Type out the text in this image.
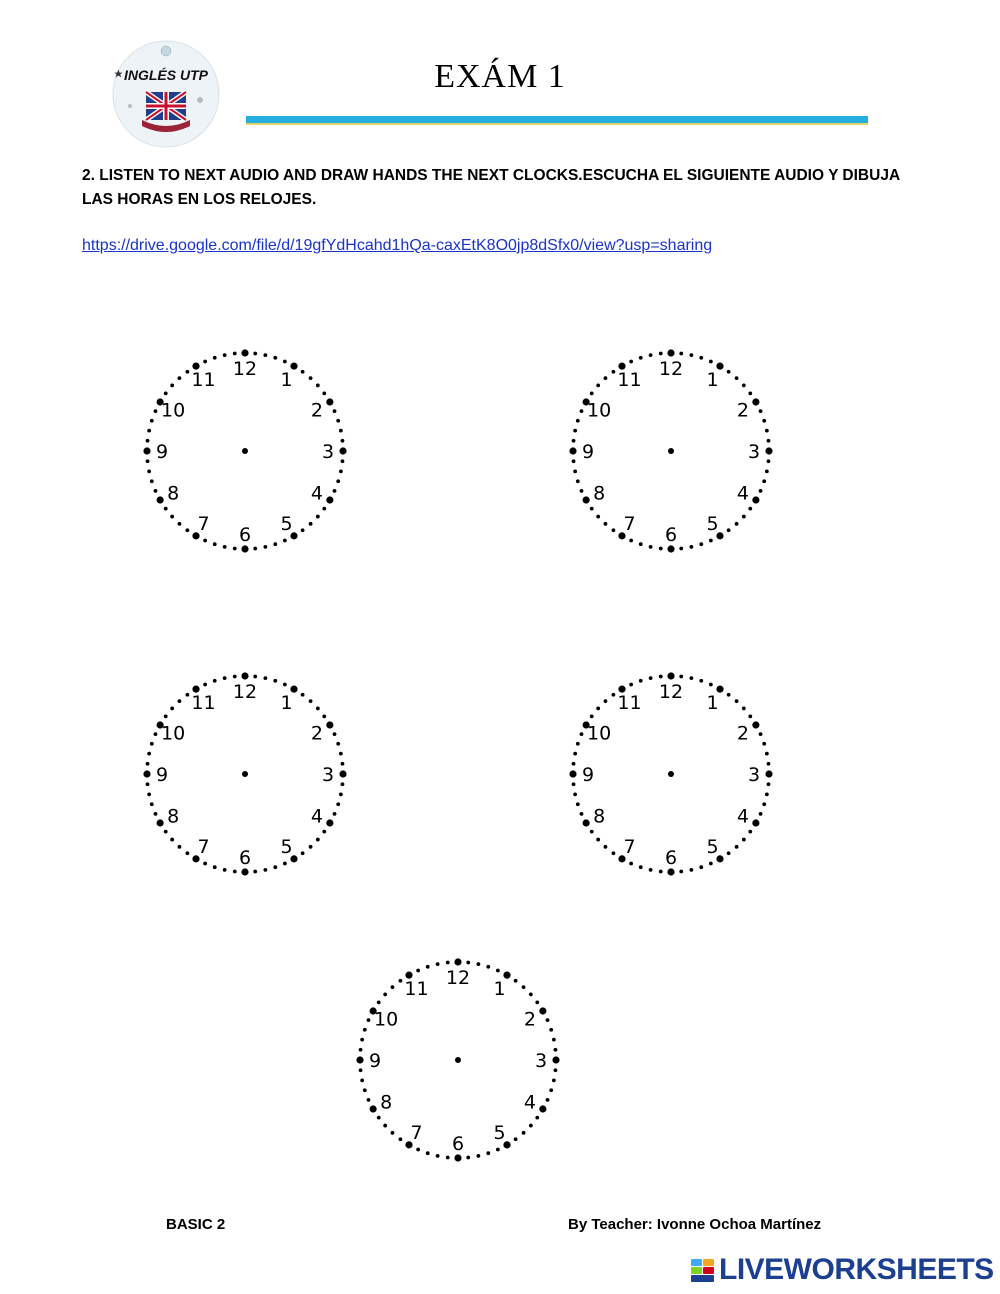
INGLÉS UTP	EXÁM 1
2. LISTEN TO NEXT AUDIO AND DRAW HANDS THE NEXT CLOCKS.ESCUCHA EL SIGUIENTE AUDIO Y DIBUJA LAS HORAS EN LOS RELOJES.
https://drive.google.com/file/d/19gfYdHcahd1hQa-caxEtK8O0jp8dSfx0/view?usp=sharing
12
1
2
3
4
5
6
7
8
9
10
11
12
1
2
3
4
5
6
7
8
9
10
11
12
1
2
3
4
5
6
7
8
9
10
11
12
1
2
3
4
5
6
7
8
9
10
11
12
1
2
3
4
5
6
7
8
9
10
11
BASIC 2	By Teacher: Ivonne Ochoa Martínez
LIVEWORKSHEETS
